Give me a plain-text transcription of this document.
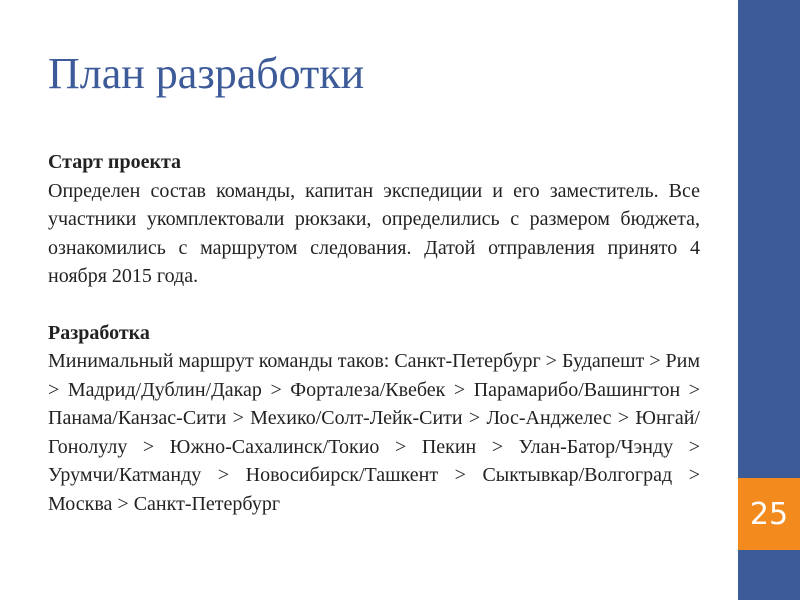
25
План разработки

Старт проекта

Определен состав команды, капитан экспедиции и его заместитель. Все участники укомплектовали рюкзаки, определились с размером бюджета, ознакомились с маршрутом следования. Датой отправления принято 4 ноября 2015 года.

Разработка

Минимальный маршрут команды таков: Санкт-Петербург > Будапешт > Рим > Мадрид/Дублин/Дакар > Форталеза/Квебек > Парамарибо/Вашингтон > Панама/Канзас-Сити > Мехико/Солт-Лейк-Сити > Лос-Анджелес > Юнгай/Гонолулу > Южно-Сахалинск/Токио > Пекин > Улан-Батор/Чэнду > Урумчи/Катманду > Новосибирск/Ташкент > Сыктывкар/Волгоград > Москва > Санкт-Петербург
